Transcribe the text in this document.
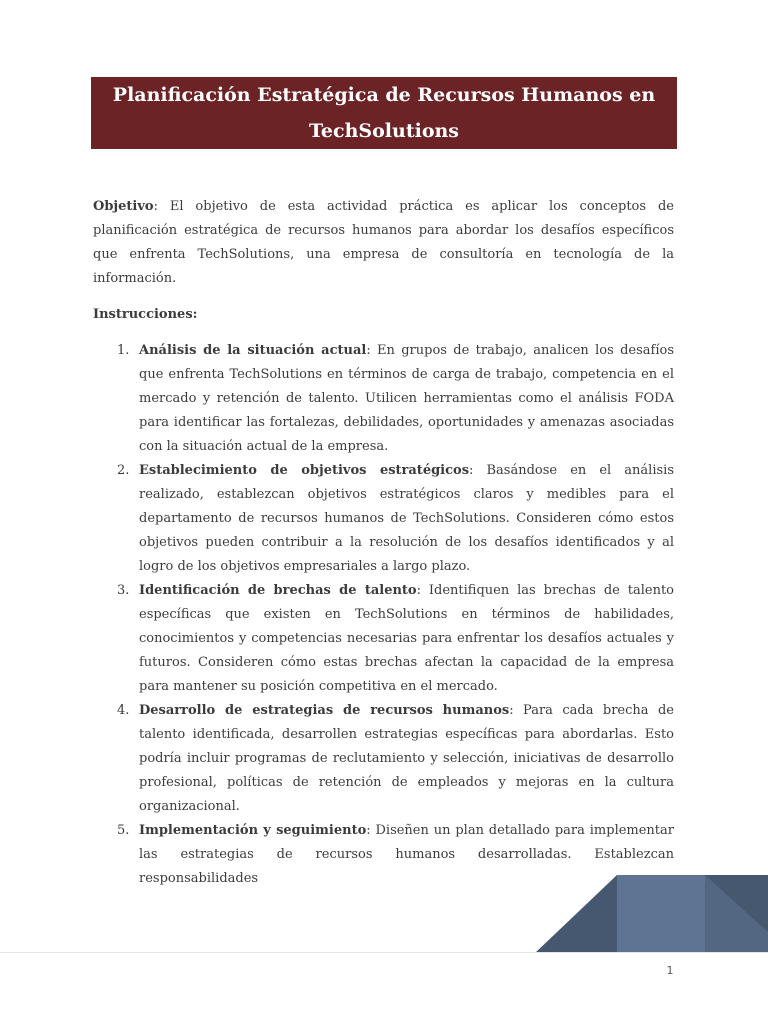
Planificación Estratégica de Recursos Humanos en TechSolutions

Objetivo: El objetivo de esta actividad práctica es aplicar los conceptos de planificación estratégica de recursos humanos para abordar los desafíos específicos que enfrenta TechSolutions, una empresa de consultoría en tecnología de la información.

Instrucciones:

1. Análisis de la situación actual: En grupos de trabajo, analicen los desafíos que enfrenta TechSolutions en términos de carga de trabajo, competencia en el mercado y retención de talento. Utilicen herramientas como el análisis FODA para identificar las fortalezas, debilidades, oportunidades y amenazas asociadas con la situación actual de la empresa.
2. Establecimiento de objetivos estratégicos: Basándose en el análisis realizado, establezcan objetivos estratégicos claros y medibles para el departamento de recursos humanos de TechSolutions. Consideren cómo estos objetivos pueden contribuir a la resolución de los desafíos identificados y al logro de los objetivos empresariales a largo plazo.
3. Identificación de brechas de talento: Identifiquen las brechas de talento específicas que existen en TechSolutions en términos de habilidades, conocimientos y competencias necesarias para enfrentar los desafíos actuales y futuros. Consideren cómo estas brechas afectan la capacidad de la empresa para mantener su posición competitiva en el mercado.
4. Desarrollo de estrategias de recursos humanos: Para cada brecha de talento identificada, desarrollen estrategias específicas para abordarlas. Esto podría incluir programas de reclutamiento y selección, iniciativas de desarrollo profesional, políticas de retención de empleados y mejoras en la cultura organizacional.
5. Implementación y seguimiento: Diseñen un plan detallado para implementar las estrategias de recursos humanos desarrolladas. Establezcan responsabilidades
1
